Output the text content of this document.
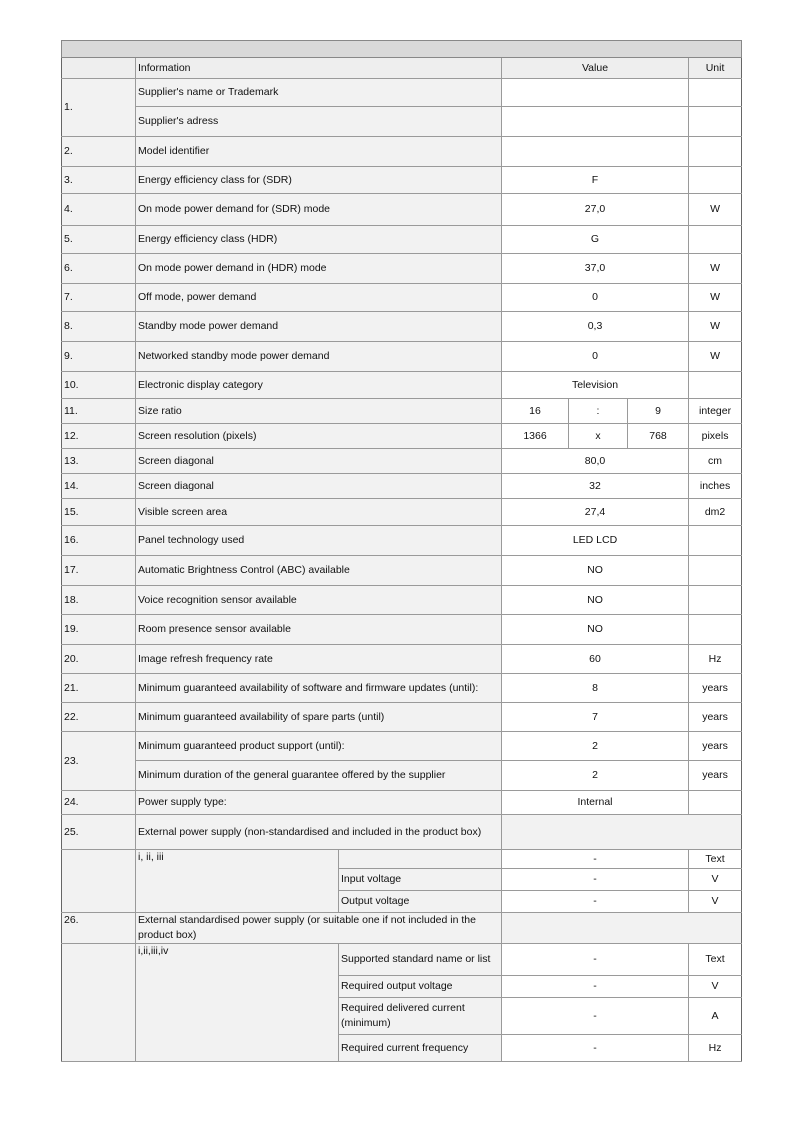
	Information		Value			Unit
1.	Supplier's name or Trademark					
	Supplier's adress					
2.	Model identifier					
3.	Energy efficiency class for (SDR)		F			
4.	On mode power demand for (SDR) mode		27,0			W
5.	Energy efficiency class (HDR)		G			
6.	On mode power demand in (HDR) mode		37,0			W
7.	Off mode, power demand		0			W
8.	Standby mode power demand		0,3			W
9.	Networked standby mode power demand		0			W
10.	Electronic display category		Television			
11.	Size ratio		16	:	9	integer
12.	Screen resolution (pixels)		1366	x	768	pixels
13.	Screen diagonal		80,0			cm
14.	Screen diagonal		32			inches
15.	Visible screen area		27,4			dm2
16.	Panel technology used		LED LCD			
17.	Automatic Brightness Control (ABC) available		NO			
18.	Voice recognition sensor available		NO			
19.	Room presence sensor available		NO			
20.	Image refresh frequency rate		60			Hz
21.	Minimum guaranteed availability of software and firmware updates (until):		8			years
22.	Minimum guaranteed availability of spare parts (until)		7			years
23.	Minimum guaranteed product support (until):		2			years
	Minimum duration of the general guarantee offered by the supplier		2			years
24.	Power supply type:		Internal			
25.	External power supply (non-standardised and included in the product box)					
	i, ii, iii		-			Text
		Input voltage	-			V
		Output voltage	-			V
26.	External standardised power supply (or suitable one if not included in the product box)					
	i,ii,iii,iv	Supported standard name or list	-			Text
		Required output voltage	-			V
		Required delivered current (minimum)	-			A
		Required current frequency	-			Hz
